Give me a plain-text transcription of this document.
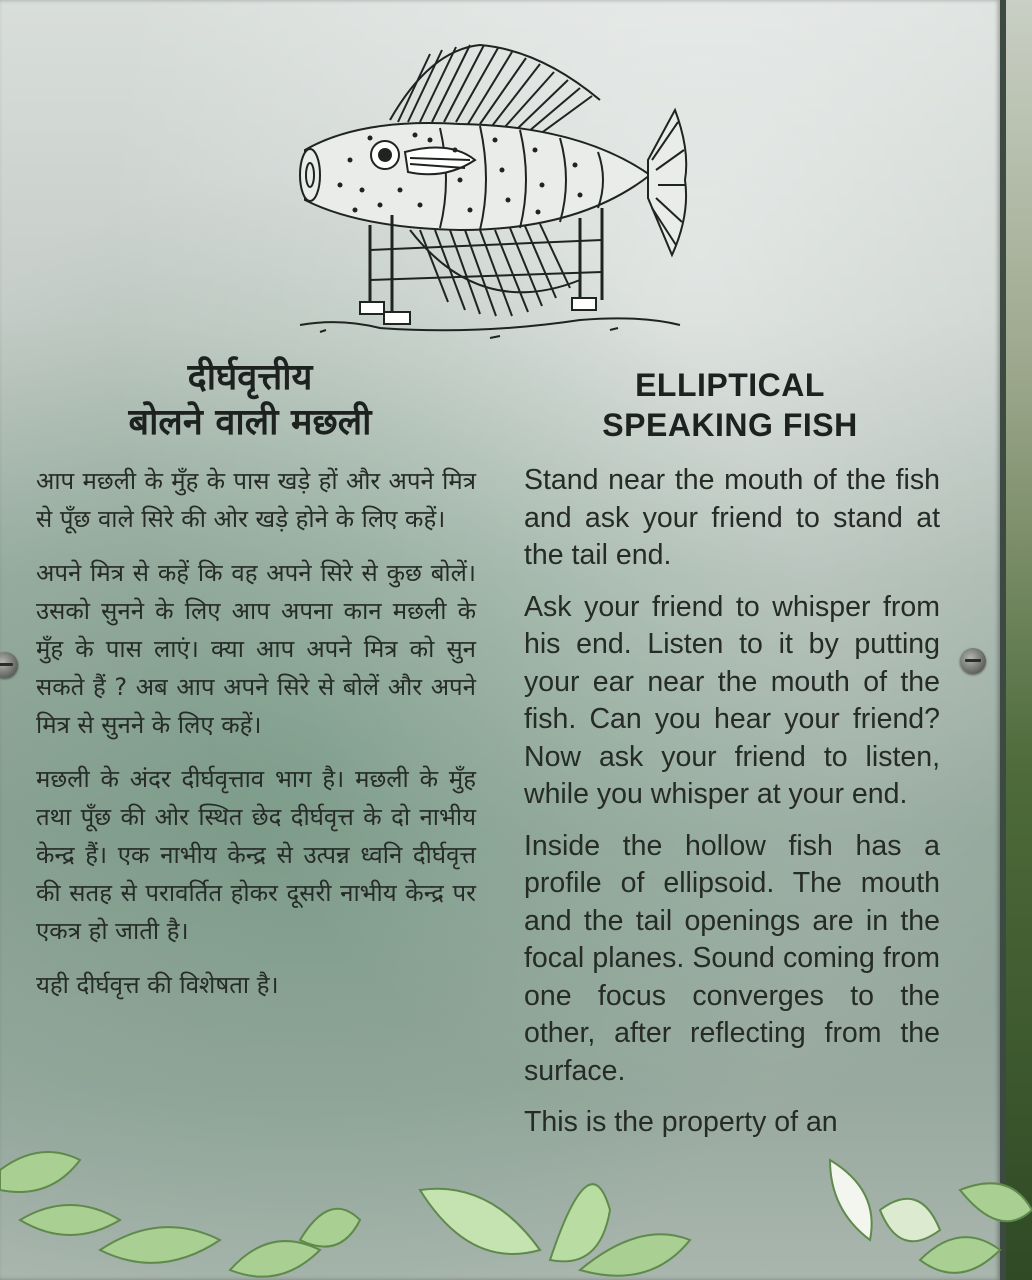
दीर्घवृत्तीय
बोलने वाली मछली
ELLIPTICAL
SPEAKING FISH

आप मछली के मुँह के पास खड़े हों और अपने मित्र से पूँछ वाले सिरे की ओर खड़े होने के लिए कहें।

अपने मित्र से कहें कि वह अपने सिरे से कुछ बोलें। उसको सुनने के लिए आप अपना कान मछली के मुँह के पास लाएं। क्या आप अपने मित्र को सुन सकते हैं ? अब आप अपने सिरे से बोलें और अपने मित्र से सुनने के लिए कहें।

मछली के अंदर दीर्घवृत्ताव भाग है। मछली के मुँह तथा पूँछ की ओर स्थित छेद दीर्घवृत्त के दो नाभीय केन्द्र हैं। एक नाभीय केन्द्र से उत्पन्न ध्वनि दीर्घवृत्त की सतह से परावर्तित होकर दूसरी नाभीय केन्द्र पर एकत्र हो जाती है।

यही दीर्घवृत्त की विशेषता है।

Stand near the mouth of the fish and ask your friend to stand at the tail end.

Ask your friend to whisper from his end. Listen to it by putting your ear near the mouth of the fish. Can you hear your friend? Now ask your friend to listen, while you whisper at your end.

Inside the hollow fish has a profile of ellipsoid. The mouth and the tail openings are in the focal planes. Sound coming from one focus converges to the other, after reflecting from the surface.

This is the property of an
